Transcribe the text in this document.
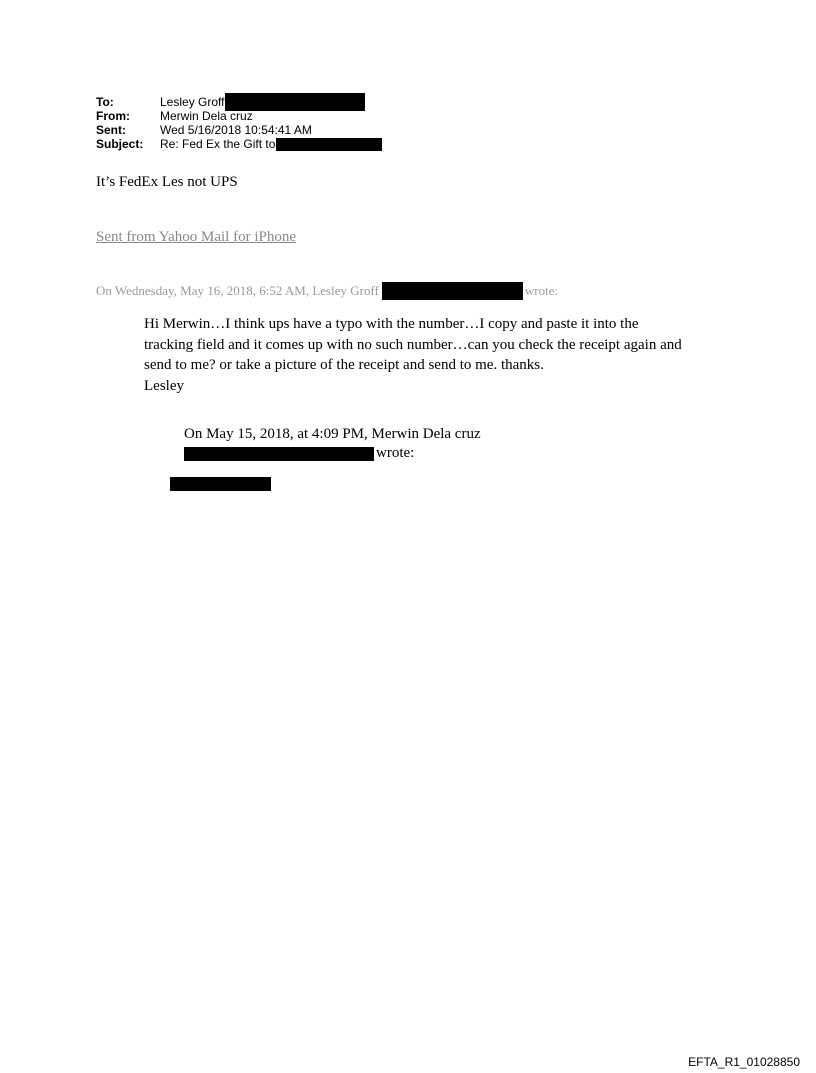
To:	Lesley Groff
From:	Merwin Dela cruz
Sent:	Wed 5/16/2018 10:54:41 AM
Subject:	Re: Fed Ex the Gift to
It’s FedEx Les not UPS
Sent from Yahoo Mail for iPhone
On Wednesday, May 16, 2018, 6:52 AM, Lesley Groff	wrote:

Hi Merwin…I think ups have a typo with the number…I copy and paste it into the tracking field and it comes up with no such number…can you check the receipt again and send to me? or take a picture of the receipt and send to me. thanks.

Lesley

On May 15, 2018, at 4:09 PM, Merwin Dela cruz
wrote:
EFTA_R1_01028850
